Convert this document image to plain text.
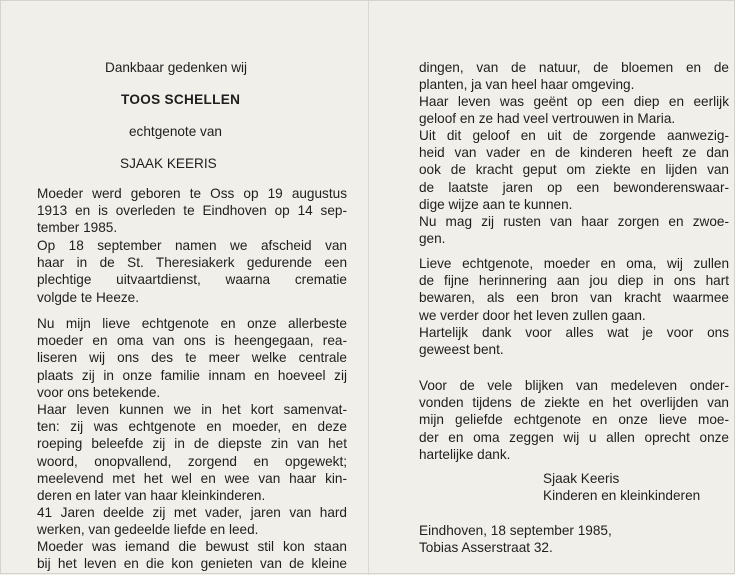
Dankbaar gedenken wij
TOOS SCHELLEN
echtgenote van
SJAAK KEERIS
Moeder werd geboren te Oss op 19 augustus
1913 en is overleden te Eindhoven op 14 sep-
tember 1985.
Op 18 september namen we afscheid van
haar in de St. Theresiakerk gedurende een
plechtige uitvaartdienst, waarna crematie
volgde te Heeze.
Nu mijn lieve echtgenote en onze allerbeste
moeder en oma van ons is heengegaan, rea-
liseren wij ons des te meer welke centrale
plaats zij in onze familie innam en hoeveel zij
voor ons betekende.
Haar leven kunnen we in het kort samenvat-
ten: zij was echtgenote en moeder, en deze
roeping beleefde zij in de diepste zin van het
woord, onopvallend, zorgend en opgewekt;
meelevend met het wel en wee van haar kin-
deren en later van haar kleinkinderen.
41 Jaren deelde zij met vader, jaren van hard
werken, van gedeelde liefde en leed.
Moeder was iemand die bewust stil kon staan
bij het leven en die kon genieten van de kleine
dingen, van de natuur, de bloemen en de
planten, ja van heel haar omgeving.
Haar leven was geënt op een diep en eerlijk
geloof en ze had veel vertrouwen in Maria.
Uit dit geloof en uit de zorgende aanwezig-
heid van vader en de kinderen heeft ze dan
ook de kracht geput om ziekte en lijden van
de laatste jaren op een bewonderenswaar-
dige wijze aan te kunnen.
Nu mag zij rusten van haar zorgen en zwoe-
gen.
Lieve echtgenote, moeder en oma, wij zullen
de fijne herinnering aan jou diep in ons hart
bewaren, als een bron van kracht waarmee
we verder door het leven zullen gaan.
Hartelijk dank voor alles wat je voor ons
geweest bent.
Voor de vele blijken van medeleven onder-
vonden tijdens de ziekte en het overlijden van
mijn geliefde echtgenote en onze lieve moe-
der en oma zeggen wij u allen oprecht onze
hartelijke dank.
Sjaak Keeris
Kinderen en kleinkinderen
Eindhoven, 18 september 1985,
Tobias Asserstraat 32.
